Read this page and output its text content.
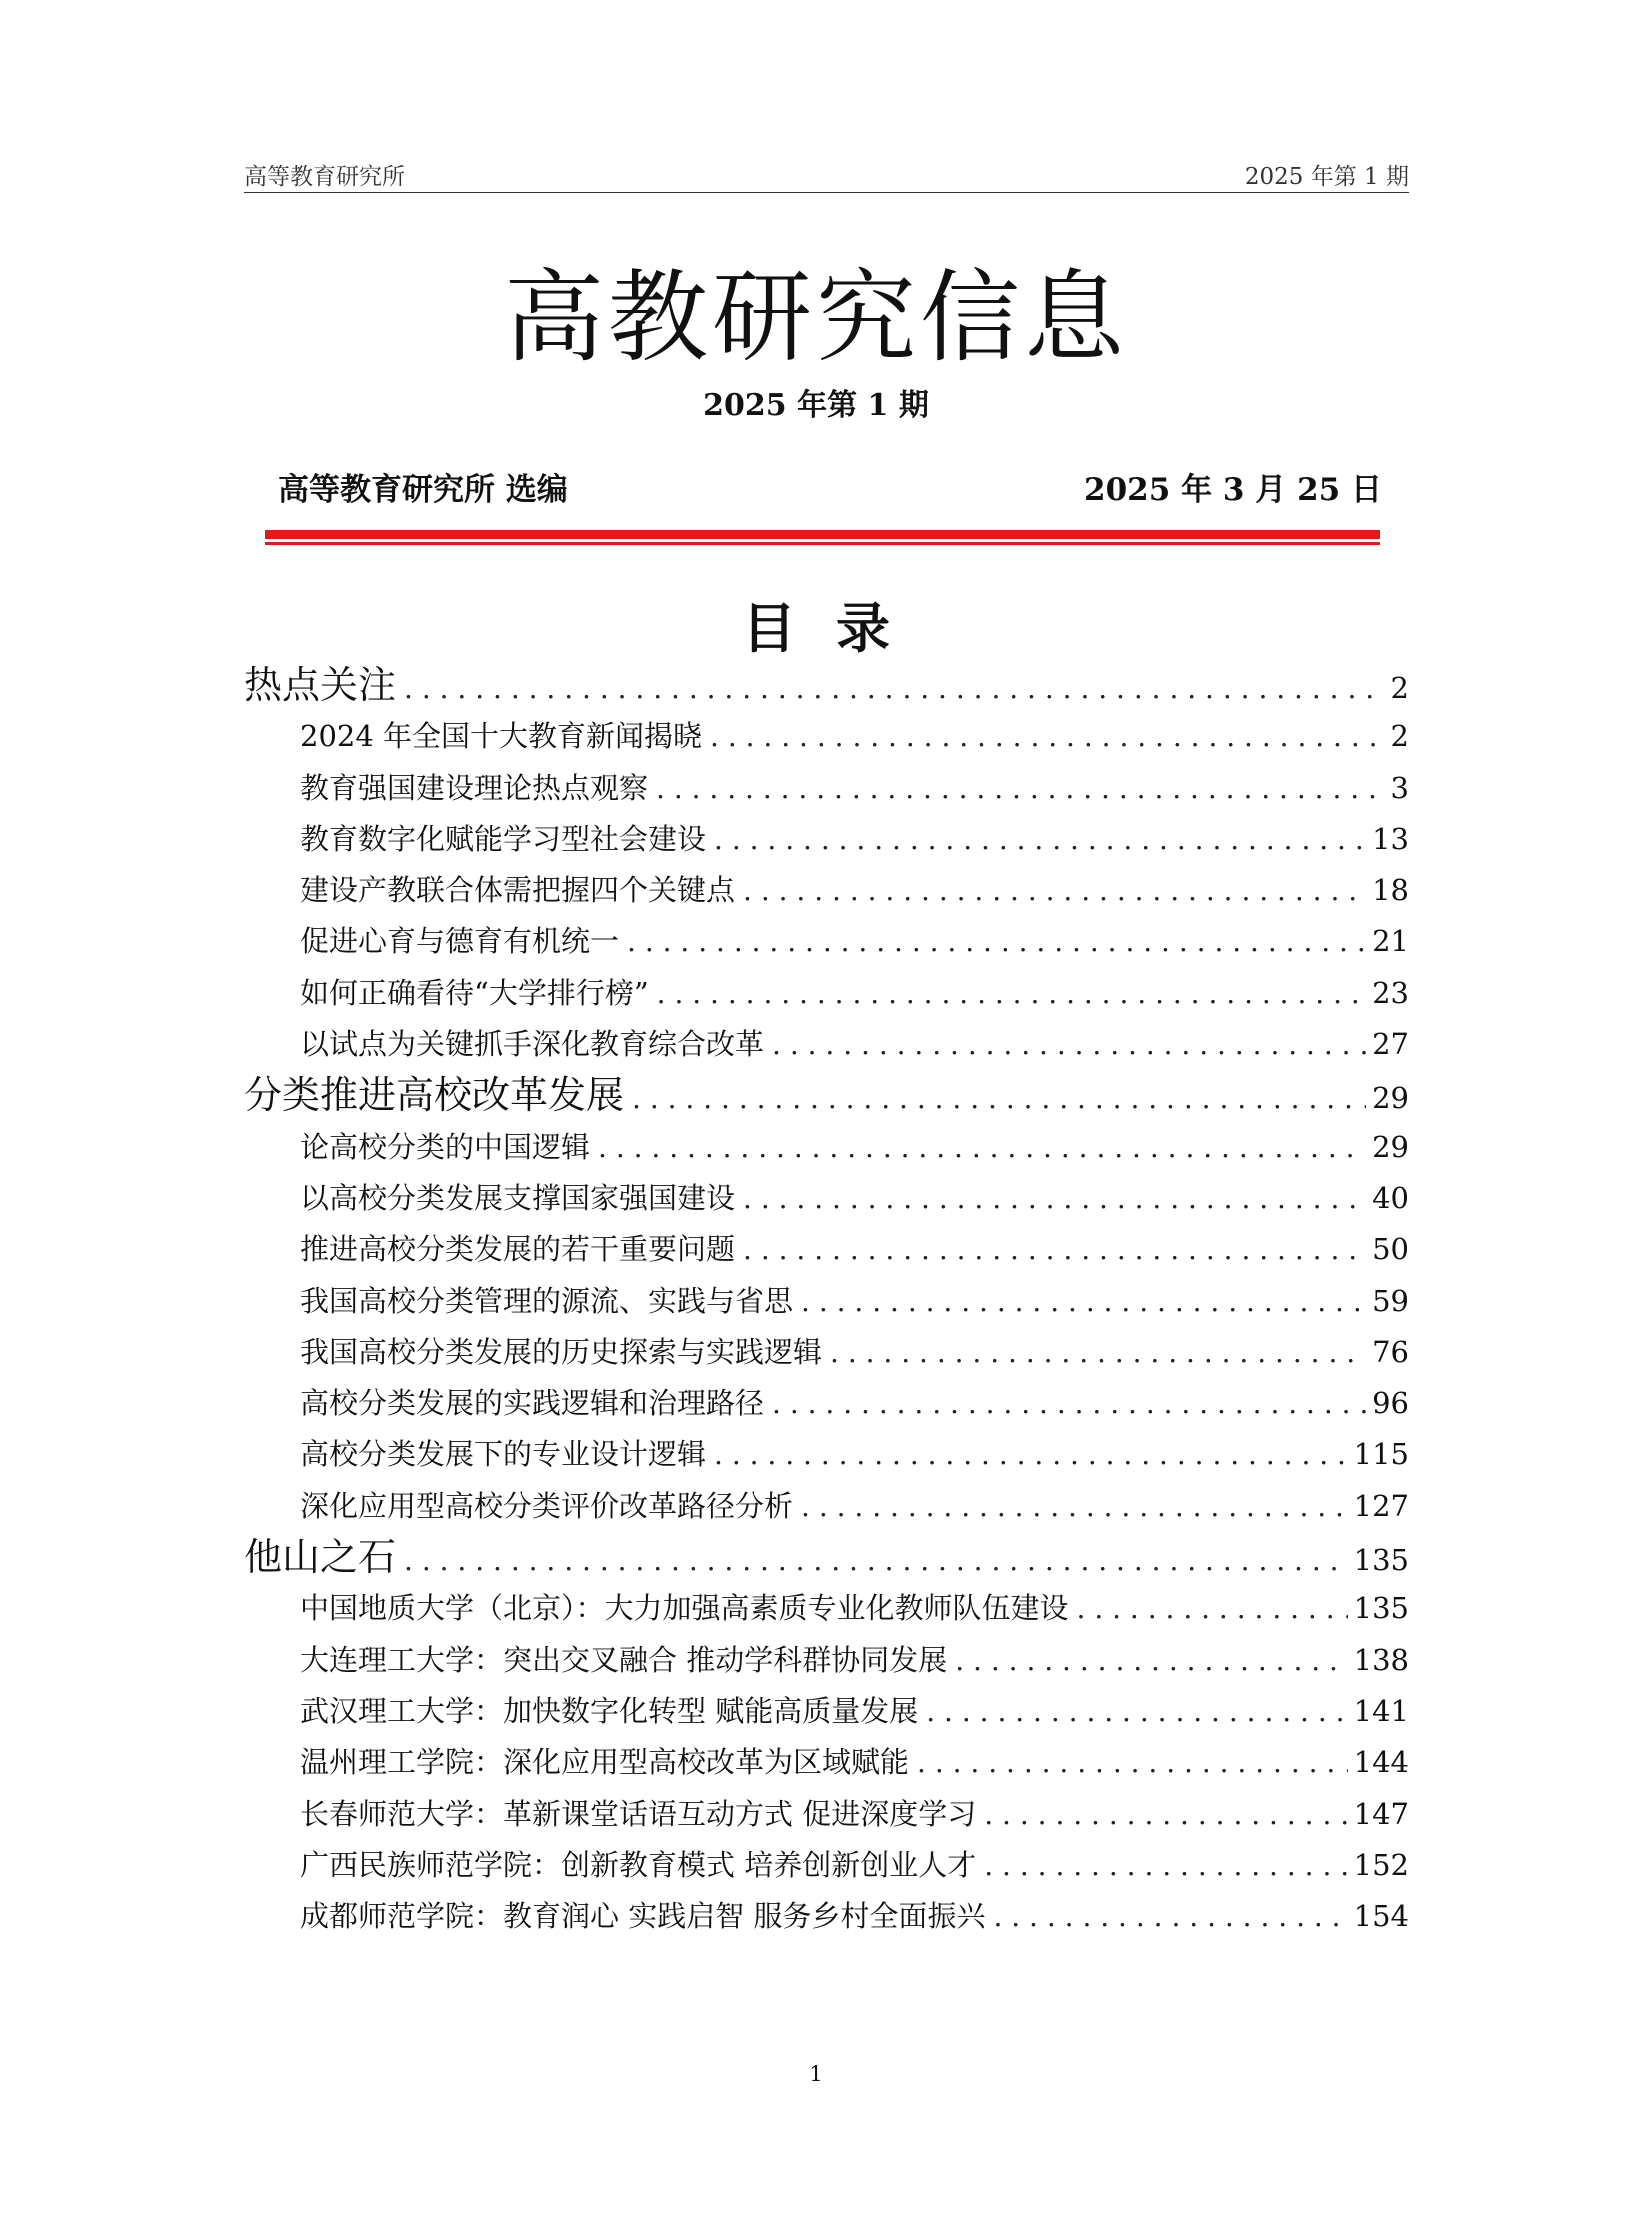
高等教育研究所	2025 年第 1 期
高教研究信息
2025 年第 1 期
高等教育研究所 选编	2025 年 3 月 25 日
目录
热点关注 . . .	2
2024 年全国十大教育新闻揭晓 . . .	2
教育强国建设理论热点观察 . . .	3
教育数字化赋能学习型社会建设 . . .	13
建设产教联合体需把握四个关键点 . . .	18
促进心育与德育有机统一 . . .	21
如何正确看待“大学排行榜” . . .	23
以试点为关键抓手深化教育综合改革 . . .	27
分类推进高校改革发展 . . .	29
论高校分类的中国逻辑 . . .	29
以高校分类发展支撑国家强国建设 . . .	40
推进高校分类发展的若干重要问题 . . .	50
我国高校分类管理的源流、实践与省思 . . .	59
我国高校分类发展的历史探索与实践逻辑 . . .	76
高校分类发展的实践逻辑和治理路径 . . .	96
高校分类发展下的专业设计逻辑 . . .	115
深化应用型高校分类评价改革路径分析 . . .	127
他山之石 . . .	135
中国地质大学（北京）：大力加强高素质专业化教师队伍建设 . . .	135
大连理工大学：突出交叉融合 推动学科群协同发展 . . .	138
武汉理工大学：加快数字化转型 赋能高质量发展 . . .	141
温州理工学院：深化应用型高校改革为区域赋能 . . .	144
长春师范大学：革新课堂话语互动方式 促进深度学习 . . .	147
广西民族师范学院：创新教育模式 培养创新创业人才 . . .	152
成都师范学院：教育润心 实践启智 服务乡村全面振兴 . . .	154
1
